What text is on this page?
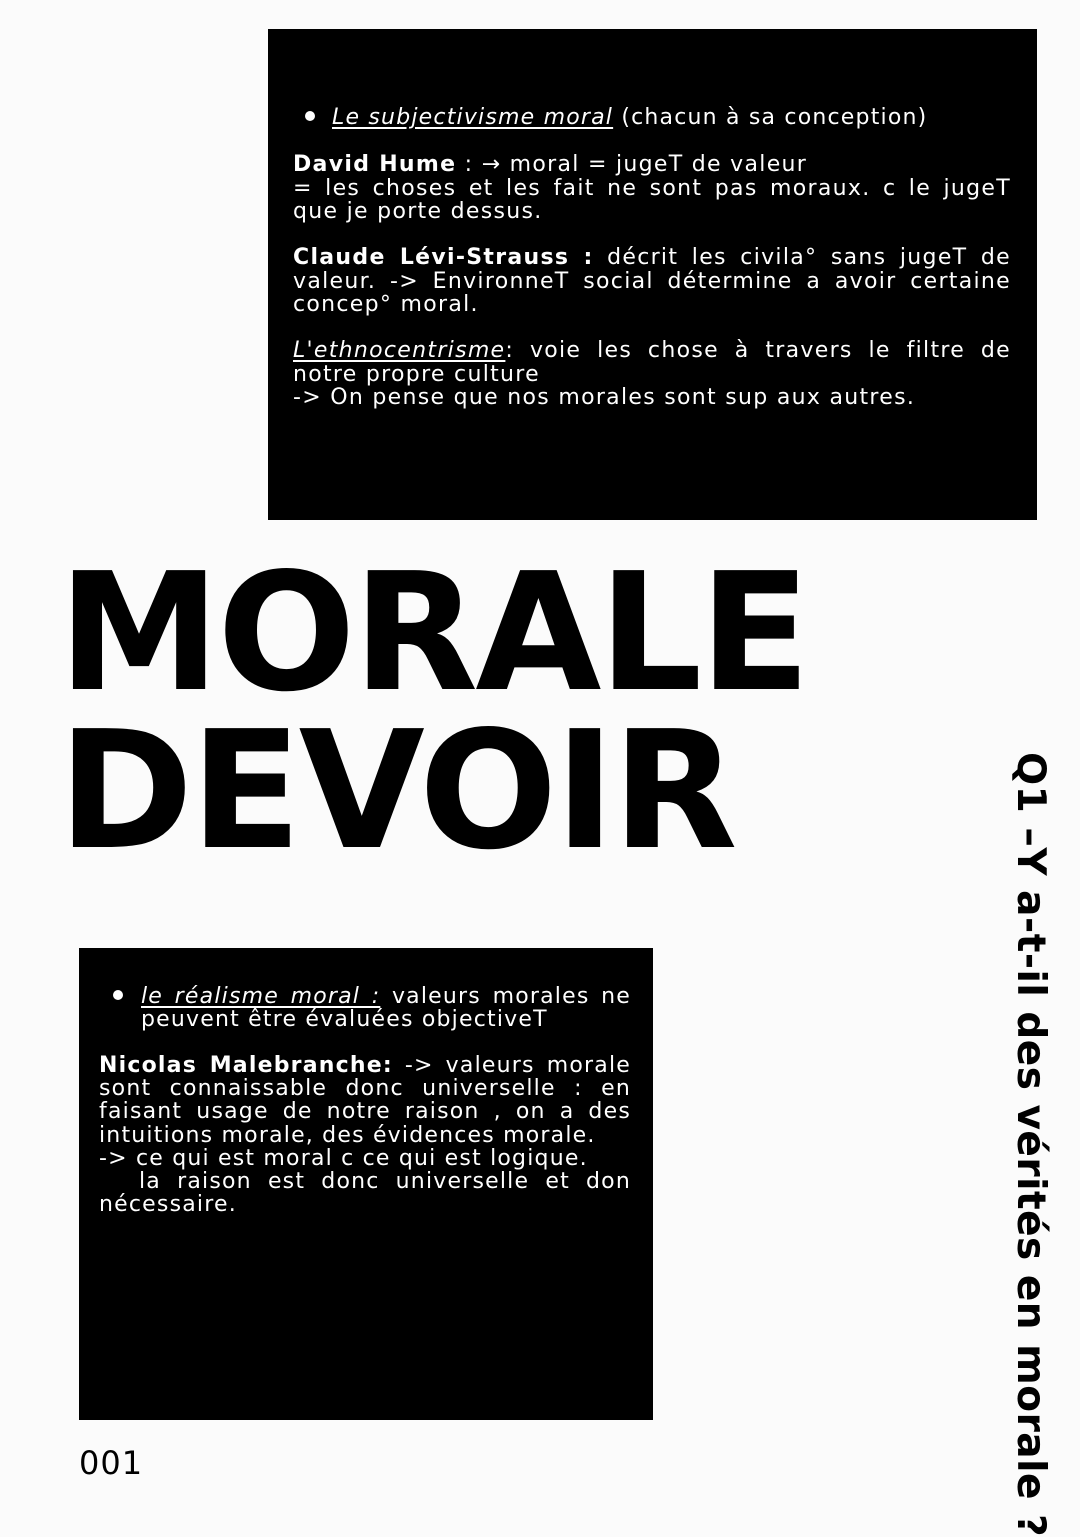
Le subjectivisme moral (chacun à sa conception)
David Hume : → moral = jugeT de valeur
= les choses et les fait ne sont pas moraux. c le jugeT que je porte dessus.
Claude Lévi-Strauss : décrit les civila° sans jugeT de valeur. -> EnvironneT social détermine a avoir certaine concep° moral.
L'ethnocentrisme: voie les chose à travers le filtre de notre propre culture
-> On pense que nos morales sont sup aux autres.
MORALE
DEVOIR	Q1 –Y a-t-il des vérités en morale ?
le réalisme moral : valeurs morales ne peuvent être évaluées objectiveT
Nicolas Malebranche: -> valeurs morale sont connaissable donc universelle : en faisant usage de notre raison , on a des intuitions morale, des évidences morale.
-> ce qui est moral c ce qui est logique.
la raison est donc universelle et don nécessaire.
001
